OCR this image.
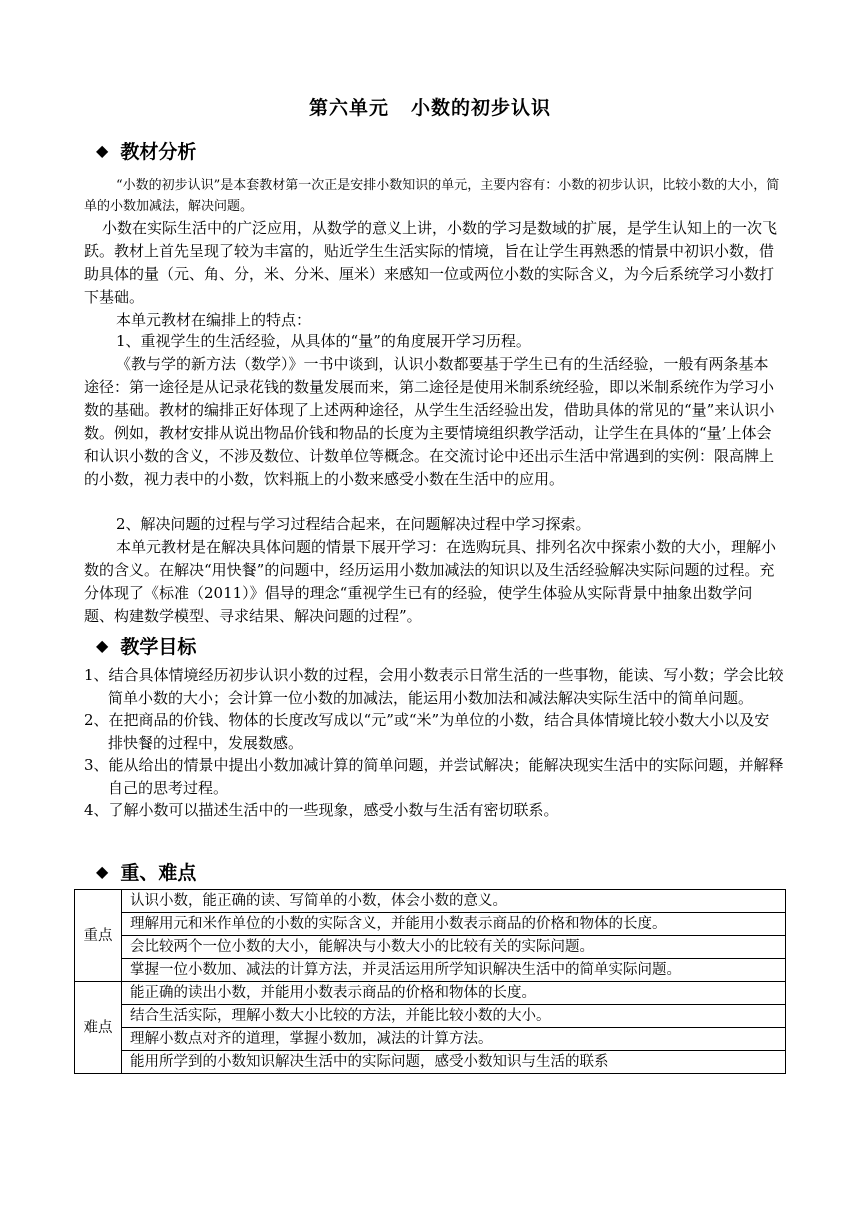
第六单元 小数的初步认识
◆ 教材分析

“小数的初步认识”是本套教材第一次正是安排小数知识的单元，主要内容有：小数的初步认识，比较小数的大小，简单的小数加减法，解决问题。

小数在实际生活中的广泛应用，从数学的意义上讲，小数的学习是数域的扩展，是学生认知上的一次飞跃。教材上首先呈现了较为丰富的，贴近学生生活实际的情境，旨在让学生再熟悉的情景中初识小数，借助具体的量（元、角、分，米、分米、厘米）来感知一位或两位小数的实际含义，为今后系统学习小数打下基础。

本单元教材在编排上的特点：

1、重视学生的生活经验，从具体的“量”的角度展开学习历程。

《教与学的新方法（数学）》一书中谈到，认识小数都要基于学生已有的生活经验，一般有两条基本途径：第一途径是从记录花钱的数量发展而来，第二途径是使用米制系统经验，即以米制系统作为学习小数的基础。教材的编排正好体现了上述两种途径，从学生生活经验出发，借助具体的常见的“量”来认识小数。例如，教材安排从说出物品价钱和物品的长度为主要情境组织教学活动，让学生在具体的“量’上体会和认识小数的含义，不涉及数位、计数单位等概念。在交流讨论中还出示生活中常遇到的实例：限高牌上的小数，视力表中的小数，饮料瓶上的小数来感受小数在生活中的应用。

2、解决问题的过程与学习过程结合起来，在问题解决过程中学习探索。

本单元教材是在解决具体问题的情景下展开学习：在选购玩具、排列名次中探索小数的大小，理解小数的含义。在解决“用快餐”的问题中，经历运用小数加减法的知识以及生活经验解决实际问题的过程。充分体现了《标准（2011）》倡导的理念“重视学生已有的经验，使学生体验从实际背景中抽象出数学问题、构建数学模型、寻求结果、解决问题的过程”。

◆ 教学目标
1、结合具体情境经历初步认识小数的过程，会用小数表示日常生活的一些事物，能读、写小数；学会比较简单小数的大小；会计算一位小数的加减法，能运用小数加法和减法解决实际生活中的简单问题。
2、在把商品的价钱、物体的长度改写成以“元”或“米”为单位的小数，结合具体情境比较小数大小以及安排快餐的过程中，发展数感。
3、能从给出的情景中提出小数加减计算的简单问题，并尝试解决；能解决现实生活中的实际问题，并解释自己的思考过程。
4、了解小数可以描述生活中的一些现象，感受小数与生活有密切联系。
◆ 重、难点
重点	认识小数，能正确的读、写简单的小数，体会小数的意义。
	理解用元和米作单位的小数的实际含义，并能用小数表示商品的价格和物体的长度。
	会比较两个一位小数的大小，能解决与小数大小的比较有关的实际问题。
	掌握一位小数加、减法的计算方法，并灵活运用所学知识解决生活中的简单实际问题。
难点	能正确的读出小数，并能用小数表示商品的价格和物体的长度。
	结合生活实际，理解小数大小比较的方法，并能比较小数的大小。
	理解小数点对齐的道理，掌握小数加，减法的计算方法。
	能用所学到的小数知识解决生活中的实际问题，感受小数知识与生活的联系
